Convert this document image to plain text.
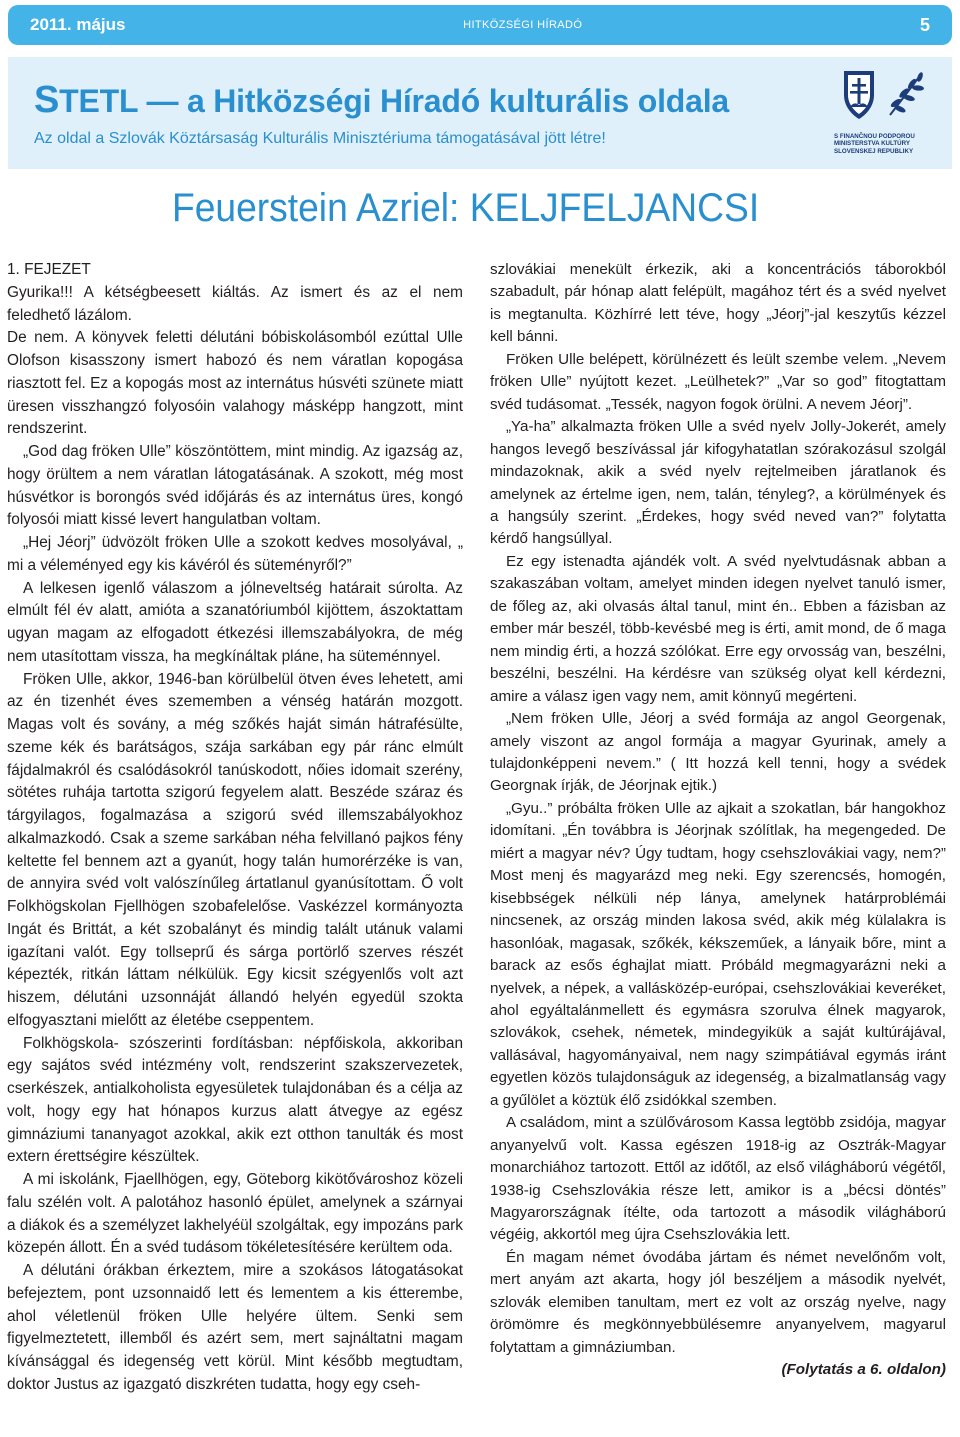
2011. május	HITKÖZSÉGI HÍRADÓ	5
STETL — a Hitközségi Híradó kulturális oldala
Az oldal a Szlovák Köztársaság Kulturális Minisztériuma támogatásával jött létre!	S FINANČNOU PODPOROU
MINISTERSTVA KULTÚRY
SLOVENSKEJ REPUBLIKY
Feuerstein Azriel: KELJFELJANCSI

1. FEJEZET

Gyurika!!! A kétségbeesett kiáltás. Az ismert és az el nem feledhető lázálom.

De nem. A könyvek feletti délutáni bóbiskolásomból ezúttal Ulle Olofson kisasszony ismert habozó és nem váratlan kopogása riasztott fel. Ez a kopogás most az internátus húsvéti szünete miatt üresen visszhangzó folyosóin valahogy másképp hangzott, mint rendszerint.

„God dag fröken Ulle” köszöntöttem, mint mindig. Az igazság az, hogy örültem a nem váratlan látogatásának. A szokott, még most húsvétkor is borongós svéd időjárás és az internátus üres, kongó folyosói miatt kissé levert hangulatban voltam.

„Hej Jéorj” üdvözölt fröken Ulle a szokott kedves mosolyával, „ mi a véleményed egy kis kávéról és süteményről?”

A lelkesen igenlő válaszom a jólneveltség határait súrolta. Az elmúlt fél év alatt, amióta a szanatóriumból kijöttem, ászoktattam ugyan magam az elfogadott étkezési illemszabályokra, de még nem utasítottam vissza, ha megkínáltak pláne, ha süteménnyel.

Fröken Ulle, akkor, 1946-ban körülbelül ötven éves lehetett, ami az én tizenhét éves szememben a vénség határán mozgott. Magas volt és sovány, a még szőkés haját simán hátrafésülte, szeme kék és barátságos, szája sarkában egy pár ránc elmúlt fájdalmakról és csalódásokról tanúskodott, nőies idomait szerény, sötétes ruhája tartotta szigorú fegyelem alatt. Beszéde száraz és tárgyilagos, fogalmazása a szigorú svéd illemszabályokhoz alkalmazkodó. Csak a szeme sarkában néha felvillanó pajkos fény keltette fel bennem azt a gyanút, hogy talán humorérzéke is van, de annyira svéd volt valószínűleg ártatlanul gyanúsítottam. Ő volt Folkhögskolan Fjellhögen szobafelelőse. Vaskézzel kormányozta Ingát és Brittát, a két szobalányt és mindig talált utánuk valami igazítani valót. Egy tollseprű és sárga portörlő szerves részét képezték, ritkán láttam nélkülük. Egy kicsit szégyenlős volt azt hiszem, délutáni uzsonnáját állandó helyén egyedül szokta elfogyasztani mielőtt az életébe cseppentem.

Folkhögskola- szószerinti fordításban: népfőiskola, akkoriban egy sajátos svéd intézmény volt, rendszerint szakszervezetek, cserkészek, antialkoholista egyesületek tulajdonában és a célja az volt, hogy egy hat hónapos kurzus alatt átvegye az egész gimnáziumi tananyagot azokkal, akik ezt otthon tanulták és most extern érettségire készültek.

A mi iskolánk, Fjaellhögen, egy, Göteborg kikötővároshoz közeli falu szélén volt. A palotához hasonló épület, amelynek a szárnyai a diákok és a személyzet lakhelyéül szolgáltak, egy impozáns park közepén állott. Én a svéd tudásom tökéletesítésére kerültem oda.

A délutáni órákban érkeztem, mire a szokásos látogatásokat befejeztem, pont uzsonnaidő lett és lementem a kis étterembe, ahol véletlenül fröken Ulle helyére ültem. Senki sem figyelmeztetett, illemből és azért sem, mert sajnáltatni magam kívánsággal és idegenség vett körül. Mint később megtudtam, doktor Justus az igazgató diszkréten tudatta, hogy egy cseh-

szlovákiai menekült érkezik, aki a koncentrációs táborokból szabadult, pár hónap alatt felépült, magához tért és a svéd nyelvet is megtanulta. Közhírré lett téve, hogy „Jéorj”-jal keszytűs kézzel kell bánni.

Fröken Ulle belépett, körülnézett és leült szembe velem. „Nevem fröken Ulle” nyújtott kezet. „Leülhetek?” „Var so god” fitogtattam svéd tudásomat. „Tessék, nagyon fogok örülni. A nevem Jéorj”.

„Ya-ha” alkalmazta fröken Ulle a svéd nyelv Jolly-Jokerét, amely hangos levegő beszívással jár kifogyhatatlan szórakozásul szolgál mindazoknak, akik a svéd nyelv rejtelmeiben járatlanok és amelynek az értelme igen, nem, talán, tényleg?, a körülmények és a hangsúly szerint. „Érdekes, hogy svéd neved van?” folytatta kérdő hangsúllyal.

Ez egy istenadta ajándék volt. A svéd nyelvtudásnak abban a szakaszában voltam, amelyet minden idegen nyelvet tanuló ismer, de főleg az, aki olvasás által tanul, mint én.. Ebben a fázisban az ember már beszél, több-kevésbé meg is érti, amit mond, de ő maga nem mindig érti, a hozzá szólókat. Erre egy orvosság van, beszélni, beszélni, beszélni. Ha kérdésre van szükség olyat kell kérdezni, amire a válasz igen vagy nem, amit könnyű megérteni.

„Nem fröken Ulle, Jéorj a svéd formája az angol Georgenak, amely viszont az angol formája a magyar Gyurinak, amely a tulajdonképpeni nevem.” ( Itt hozzá kell tenni, hogy a svédek Georgnak írják, de Jéorjnak ejtik.)

„Gyu..” próbálta fröken Ulle az ajkait a szokatlan, bár hangokhoz idomítani. „Én továbbra is Jéorjnak szólítlak, ha megengeded. De miért a magyar név? Úgy tudtam, hogy csehszlovákiai vagy, nem?” Most menj és magyarázd meg neki. Egy szerencsés, homogén, kisebbségek nélküli nép lánya, amelynek határproblémái nincsenek, az ország minden lakosa svéd, akik még külalakra is hasonlóak, magasak, szőkék, kékszeműek, a lányaik bőre, mint a barack az esős éghajlat miatt. Próbáld megmagyarázni neki a nyelvek, a népek, a vallásközép-európai, csehszlovákiai keveréket, ahol egyáltalánmellett és egymásra szorulva élnek magyarok, szlovákok, csehek, németek, mindegyikük a saját kultúrájával, vallásával, hagyományaival, nem nagy szimpátiával egymás iránt egyetlen közös tulajdonságuk az idegenség, a bizalmatlanság vagy a gyűlölet a köztük élő zsidókkal szemben.

A családom, mint a szülővárosom Kassa legtöbb zsidója, magyar anyanyelvű volt. Kassa egészen 1918-ig az Osztrák-Magyar monarchiához tartozott. Ettől az időtől, az első világháború végétől, 1938-ig Csehszlovákia része lett, amikor is a „bécsi döntés” Magyarországnak ítélte, oda tartozott a második világháború végéig, akkortól meg újra Csehszlovákia lett.

Én magam német óvodába jártam és német nevelőnőm volt, mert anyám azt akarta, hogy jól beszéljem a második nyelvét, szlovák elemiben tanultam, mert ez volt az ország nyelve, nagy örömömre és megkönnyebbülésemre anyanyelvem, magyarul folytattam a gimnáziumban.

(Folytatás a 6. oldalon)
